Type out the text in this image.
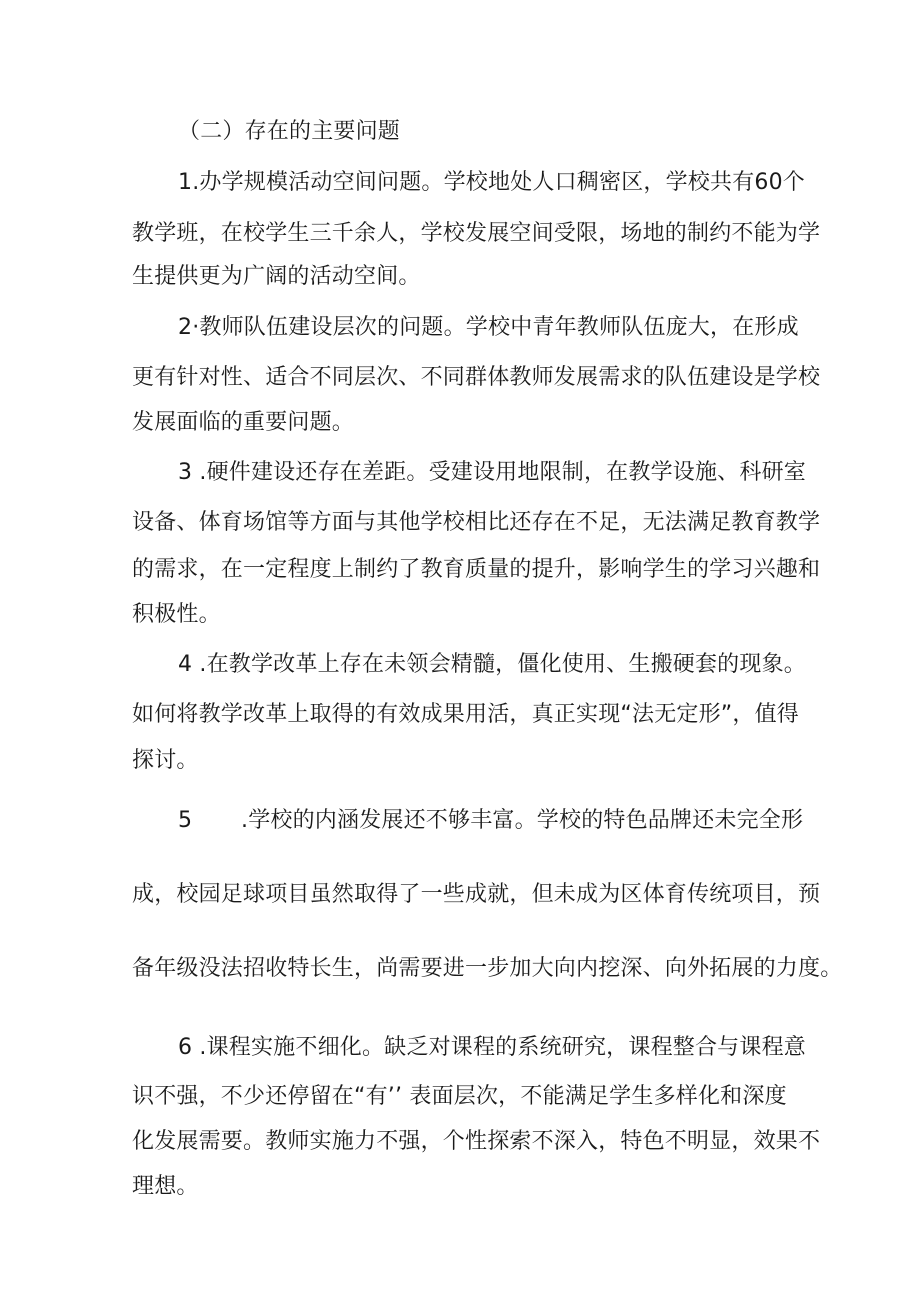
（二）存在的主要问题
1.办学规模活动空间问题。学校地处人口稠密区，学校共有60个
教学班，在校学生三千余人，学校发展空间受限，场地的制约不能为学
生提供更为广阔的活动空间。
2·教师队伍建设层次的问题。学校中青年教师队伍庞大，在形成
更有针对性、适合不同层次、不同群体教师发展需求的队伍建设是学校
发展面临的重要问题。
3 .硬件建设还存在差距。受建设用地限制，在教学设施、科研室
设备、体育场馆等方面与其他学校相比还存在不足，无法满足教育教学
的需求，在一定程度上制约了教育质量的提升，影响学生的学习兴趣和
积极性。
4 .在教学改革上存在未领会精髓，僵化使用、生搬硬套的现象。
如何将教学改革上取得的有效成果用活，真正实现“法无定形”，值得
探讨。
5 .学校的内涵发展还不够丰富。学校的特色品牌还未完全形
成，校园足球项目虽然取得了一些成就，但未成为区体育传统项目，预
备年级没法招收特长生，尚需要进一步加大向内挖深、向外拓展的力度。
6 .课程实施不细化。缺乏对课程的系统研究，课程整合与课程意
识不强，不少还停留在“有’’ 表面层次，不能满足学生多样化和深度
化发展需要。教师实施力不强，个性探索不深入，特色不明显，效果不
理想。
